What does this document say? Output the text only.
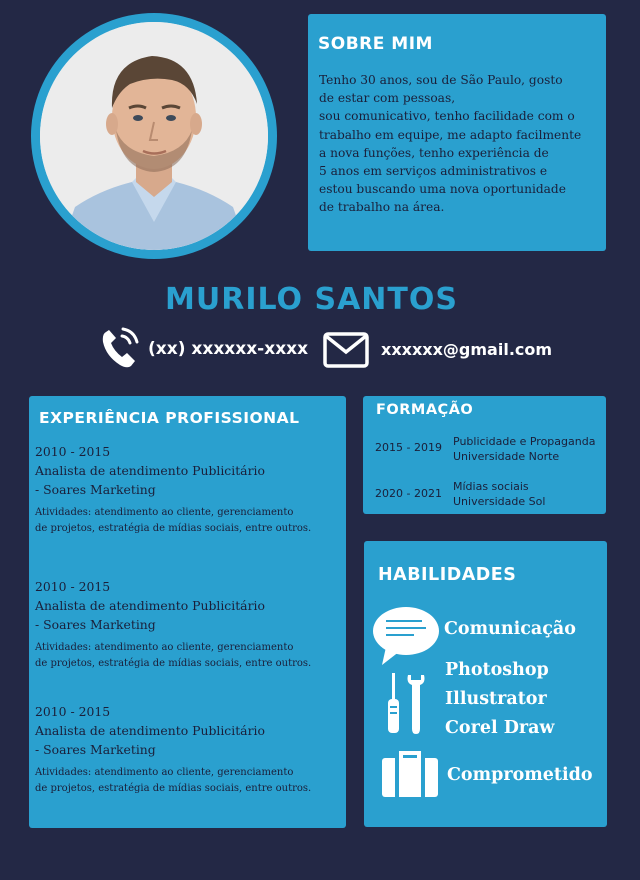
SOBRE MIM
Tenho 30 anos, sou de São Paulo, gosto
de estar com pessoas,
sou comunicativo, tenho facilidade com o
trabalho em equipe, me adapto facilmente
a nova funções, tenho experiência de
5 anos em serviços administrativos e
estou buscando uma nova oportunidade
de trabalho na área.
MURILO SANTOS
(xx) xxxxxx-xxxx	xxxxxx@gmail.com
EXPERIÊNCIA PROFISSIONAL
2010 - 2015
Analista de atendimento Publicitário
- Soares Marketing
Atividades: atendimento ao cliente, gerenciamento
de projetos, estratégia de mídias sociais, entre outros.
2010 - 2015
Analista de atendimento Publicitário
- Soares Marketing
Atividades: atendimento ao cliente, gerenciamento
de projetos, estratégia de mídias sociais, entre outros.
2010 - 2015
Analista de atendimento Publicitário
- Soares Marketing
Atividades: atendimento ao cliente, gerenciamento
de projetos, estratégia de mídias sociais, entre outros.
FORMAÇÃO
2015 - 2019 Publicidade e Propaganda
Universidade Norte
2020 - 2021
Mídias sociais
Universidade Sol
HABILIDADES
Comunicação
Photoshop
Illustrator
Corel Draw
Comprometido
